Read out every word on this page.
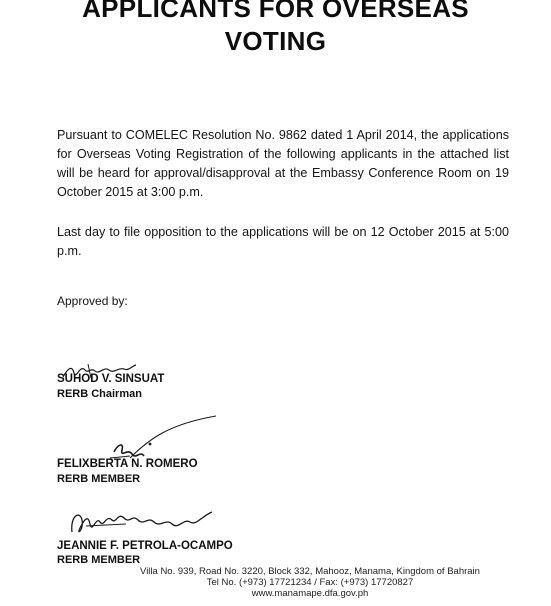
APPLICANTS FOR OVERSEAS
VOTING
Pursuant to COMELEC Resolution No. 9862 dated 1 April 2014, the applications for Overseas Voting Registration of the following applicants in the attached list will be heard for approval/disapproval at the Embassy Conference Room on 19 October 2015 at 3:00 p.m.
Last day to file opposition to the applications will be on 12 October 2015 at 5:00 p.m.
Approved by:
SUHOD V. SINSUAT
RERB Chairman
FELIXBERTA N. ROMERO
RERB MEMBER
JEANNIE F. PETROLA-OCAMPO
RERB MEMBER
Villa No. 939, Road No. 3220, Block 332, Mahooz, Manama, Kingdom of Bahrain
Tel No. (+973) 17721234 / Fax: (+973) 17720827
www.manamape.dfa.gov.ph
